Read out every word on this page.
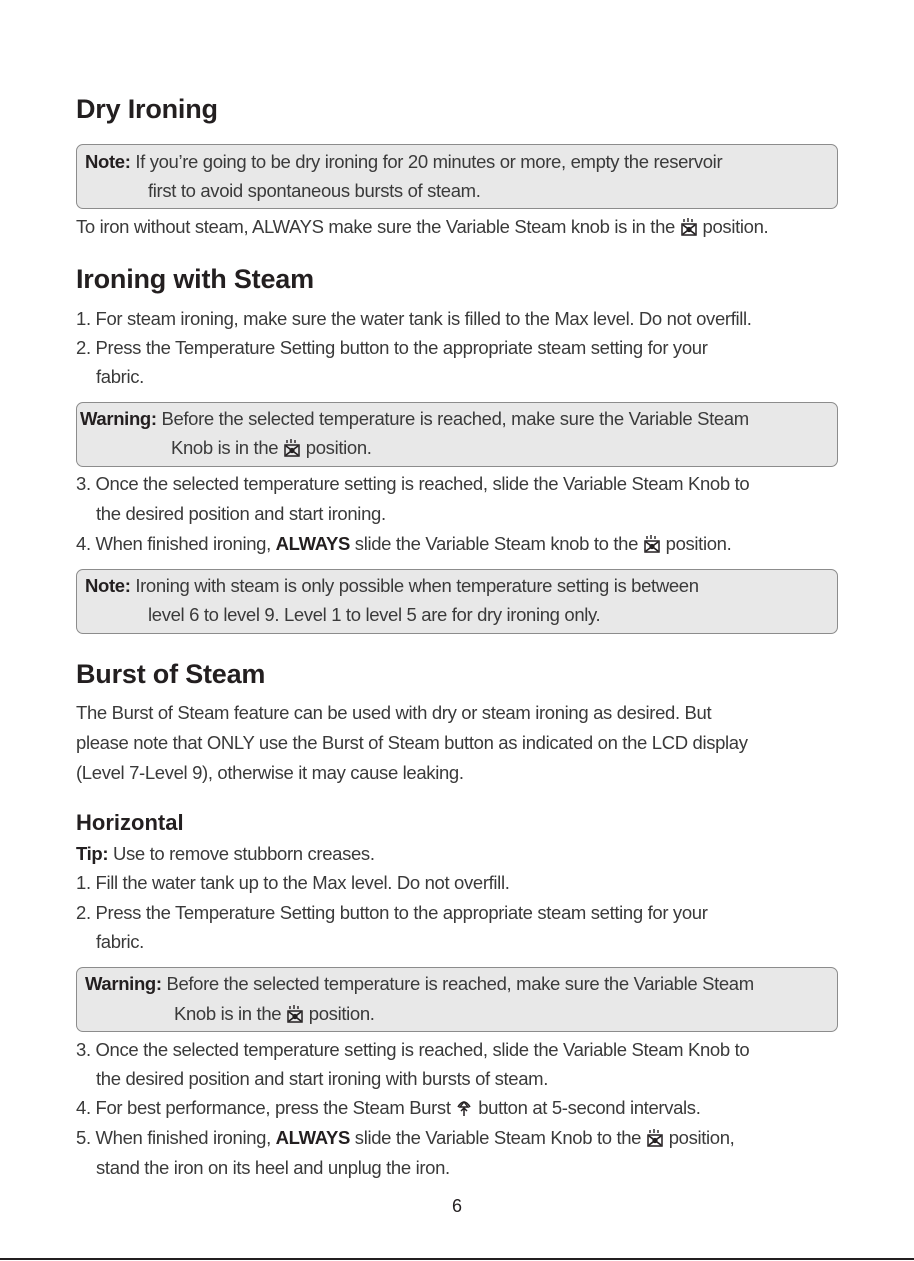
Dry Ironing

Note: If you’re going to be dry ironing for 20 minutes or more, empty the reservoir

first to avoid spontaneous bursts of steam.

To iron without steam, ALWAYS make sure the Variable Steam knob is in the position.

Ironing with Steam

1. For steam ironing, make sure the water tank is filled to the Max level. Do not overfill.

2. Press the Temperature Setting button to the appropriate steam setting for your

fabric.

Warning: Before the selected temperature is reached, make sure the Variable Steam

Knob is in the position.

3. Once the selected temperature setting is reached, slide the Variable Steam Knob to

the desired position and start ironing.

4. When finished ironing, ALWAYS slide the Variable Steam knob to the position.

Note: Ironing with steam is only possible when temperature setting is between

level 6 to level 9. Level 1 to level 5 are for dry ironing only.

Burst of Steam

The Burst of Steam feature can be used with dry or steam ironing as desired. But

please note that ONLY use the Burst of Steam button as indicated on the LCD display

(Level 7-Level 9), otherwise it may cause leaking.

Horizontal

Tip: Use to remove stubborn creases.

1. Fill the water tank up to the Max level. Do not overfill.

2. Press the Temperature Setting button to the appropriate steam setting for your

fabric.

Warning: Before the selected temperature is reached, make sure the Variable Steam

Knob is in the position.

3. Once the selected temperature setting is reached, slide the Variable Steam Knob to

the desired position and start ironing with bursts of steam.

4. For best performance, press the Steam Burst button at 5-second intervals.

5. When finished ironing, ALWAYS slide the Variable Steam Knob to the position,

stand the iron on its heel and unplug the iron.

6
